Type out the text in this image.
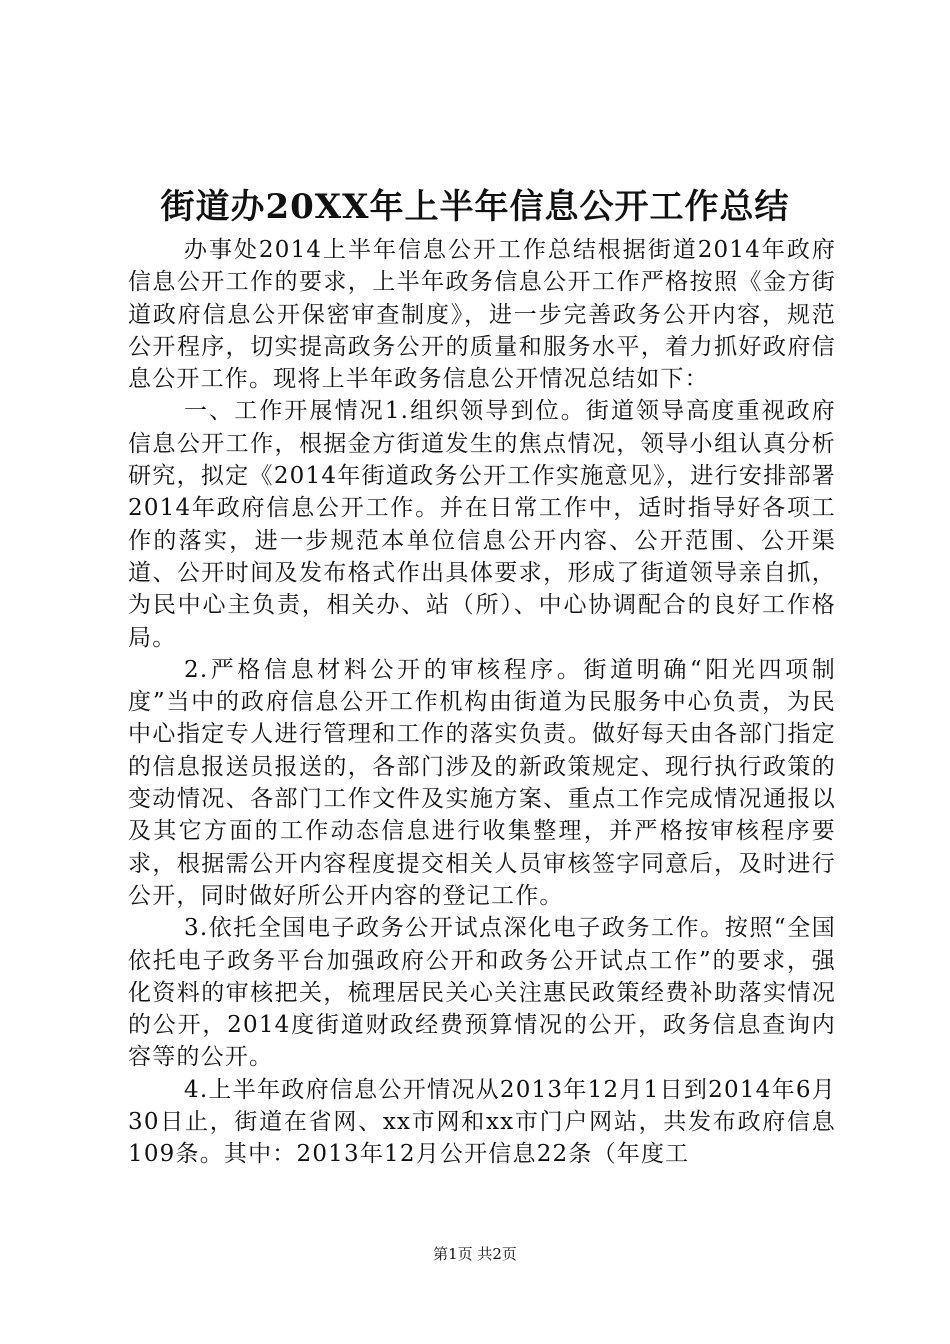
街道办20XX年上半年信息公开工作总结

办事处2014上半年信息公开工作总结根据街道2014年政府信息公开工作的要求，上半年政务信息公开工作严格按照《金方街道政府信息公开保密审查制度》，进一步完善政务公开内容，规范公开程序，切实提高政务公开的质量和服务水平，着力抓好政府信息公开工作。现将上半年政务信息公开情况总结如下：

一、工作开展情况1.组织领导到位。街道领导高度重视政府信息公开工作，根据金方街道发生的焦点情况，领导小组认真分析研究，拟定《2014年街道政务公开工作实施意见》，进行安排部署2014年政府信息公开工作。并在日常工作中，适时指导好各项工作的落实，进一步规范本单位信息公开内容、公开范围、公开渠道、公开时间及发布格式作出具体要求，形成了街道领导亲自抓，为民中心主负责，相关办、站（所）、中心协调配合的良好工作格局。

2.严格信息材料公开的审核程序。街道明确“阳光四项制度”当中的政府信息公开工作机构由街道为民服务中心负责，为民中心指定专人进行管理和工作的落实负责。做好每天由各部门指定的信息报送员报送的，各部门涉及的新政策规定、现行执行政策的变动情况、各部门工作文件及实施方案、重点工作完成情况通报以及其它方面的工作动态信息进行收集整理，并严格按审核程序要求，根据需公开内容程度提交相关人员审核签字同意后，及时进行公开，同时做好所公开内容的登记工作。

3.依托全国电子政务公开试点深化电子政务工作。按照“全国依托电子政务平台加强政府公开和政务公开试点工作”的要求，强化资料的审核把关，梳理居民关心关注惠民政策经费补助落实情况的公开，2014度街道财政经费预算情况的公开，政务信息查询内容等的公开。

4.上半年政府信息公开情况从2013年12月1日到2014年6月30日止，街道在省网、xx市网和xx市门户网站，共发布政府信息109条。其中：2013年12月公开信息22条（年度工

第1页 共2页
